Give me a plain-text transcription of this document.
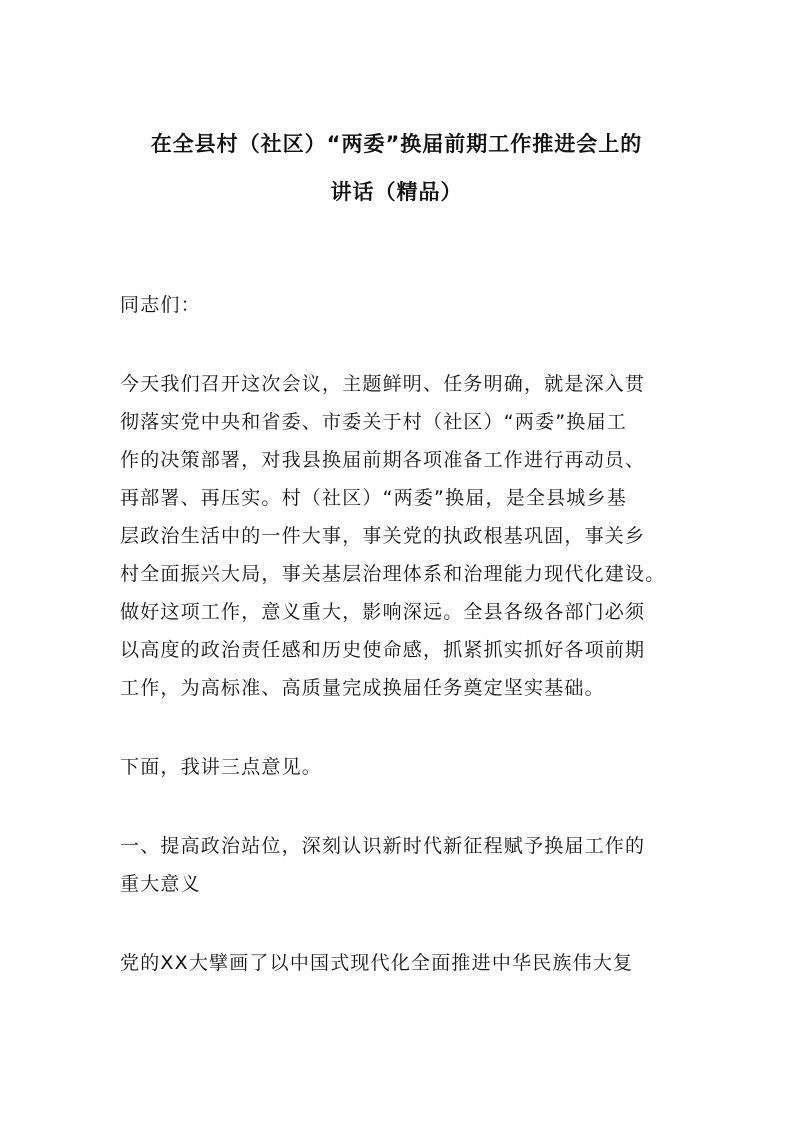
在全县村（社区）“两委”换届前期工作推进会上的
讲话（精品）
同志们：
今天我们召开这次会议，主题鲜明、任务明确，就是深入贯
彻落实党中央和省委、市委关于村（社区）“两委”换届工
作的决策部署，对我县换届前期各项准备工作进行再动员、
再部署、再压实。村（社区）“两委”换届，是全县城乡基
层政治生活中的一件大事，事关党的执政根基巩固，事关乡
村全面振兴大局，事关基层治理体系和治理能力现代化建设。
做好这项工作，意义重大，影响深远。全县各级各部门必须
以高度的政治责任感和历史使命感，抓紧抓实抓好各项前期
工作，为高标准、高质量完成换届任务奠定坚实基础。
下面，我讲三点意见。
一、提高政治站位，深刻认识新时代新征程赋予换届工作的
重大意义
党的XX大擘画了以中国式现代化全面推进中华民族伟大复
